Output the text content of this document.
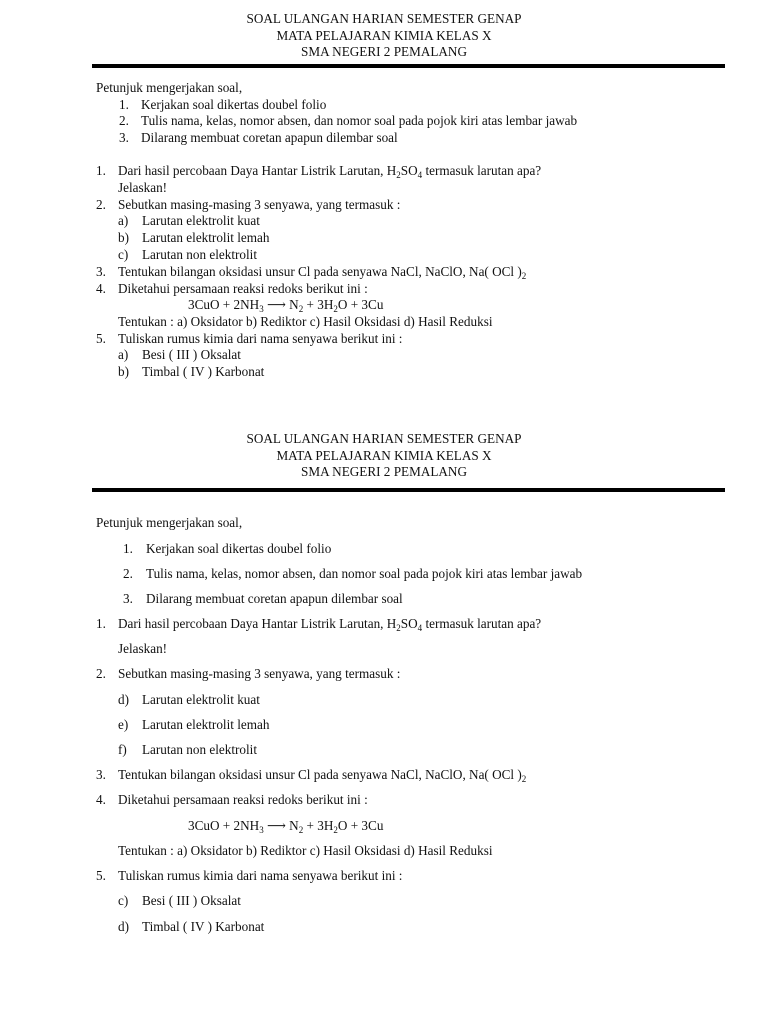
SOAL ULANGAN HARIAN SEMESTER GENAP
MATA PELAJARAN KIMIA KELAS X
SMA NEGERI 2 PEMALANG
Petunjuk mengerjakan soal,
1. Kerjakan soal dikertas doubel folio
2. Tulis nama, kelas, nomor absen, dan nomor soal pada pojok kiri atas lembar jawab
3. Dilarang membuat coretan apapun dilembar soal
1. Dari hasil percobaan Daya Hantar Listrik Larutan, $H_2SO_4$ termasuk larutan apa?
Jelaskan!
2. Sebutkan masing-masing 3 senyawa, yang termasuk :
a) Larutan elektrolit kuat
b) Larutan elektrolit lemah
c) Larutan non elektrolit
3. Tentukan bilangan oksidasi unsur Cl pada senyawa NaCl, NaClO, Na( OCl )$_2$
4. Diketahui persamaan reaksi redoks berikut ini :
$3CuO + 2NH_3$ ⟶ $N_2 + 3H_2O + 3Cu$
Tentukan : a) Oksidator b) Rediktor c) Hasil Oksidasi d) Hasil Reduksi
5. Tuliskan rumus kimia dari nama senyawa berikut ini :
a) Besi ( III ) Oksalat
b) Timbal ( IV ) Karbonat
SOAL ULANGAN HARIAN SEMESTER GENAP
MATA PELAJARAN KIMIA KELAS X
SMA NEGERI 2 PEMALANG
Petunjuk mengerjakan soal,
1. Kerjakan soal dikertas doubel folio
2. Tulis nama, kelas, nomor absen, dan nomor soal pada pojok kiri atas lembar jawab
3. Dilarang membuat coretan apapun dilembar soal
1. Dari hasil percobaan Daya Hantar Listrik Larutan, $H_2SO_4$ termasuk larutan apa?
Jelaskan!
2. Sebutkan masing-masing 3 senyawa, yang termasuk :
d) Larutan elektrolit kuat
e) Larutan elektrolit lemah
f) Larutan non elektrolit
3. Tentukan bilangan oksidasi unsur Cl pada senyawa NaCl, NaClO, Na( OCl )$_2$
4. Diketahui persamaan reaksi redoks berikut ini :
$3CuO + 2NH_3$ ⟶ $N_2 + 3H_2O + 3Cu$
Tentukan : a) Oksidator b) Rediktor c) Hasil Oksidasi d) Hasil Reduksi
5. Tuliskan rumus kimia dari nama senyawa berikut ini :
c) Besi ( III ) Oksalat
d) Timbal ( IV ) Karbonat
